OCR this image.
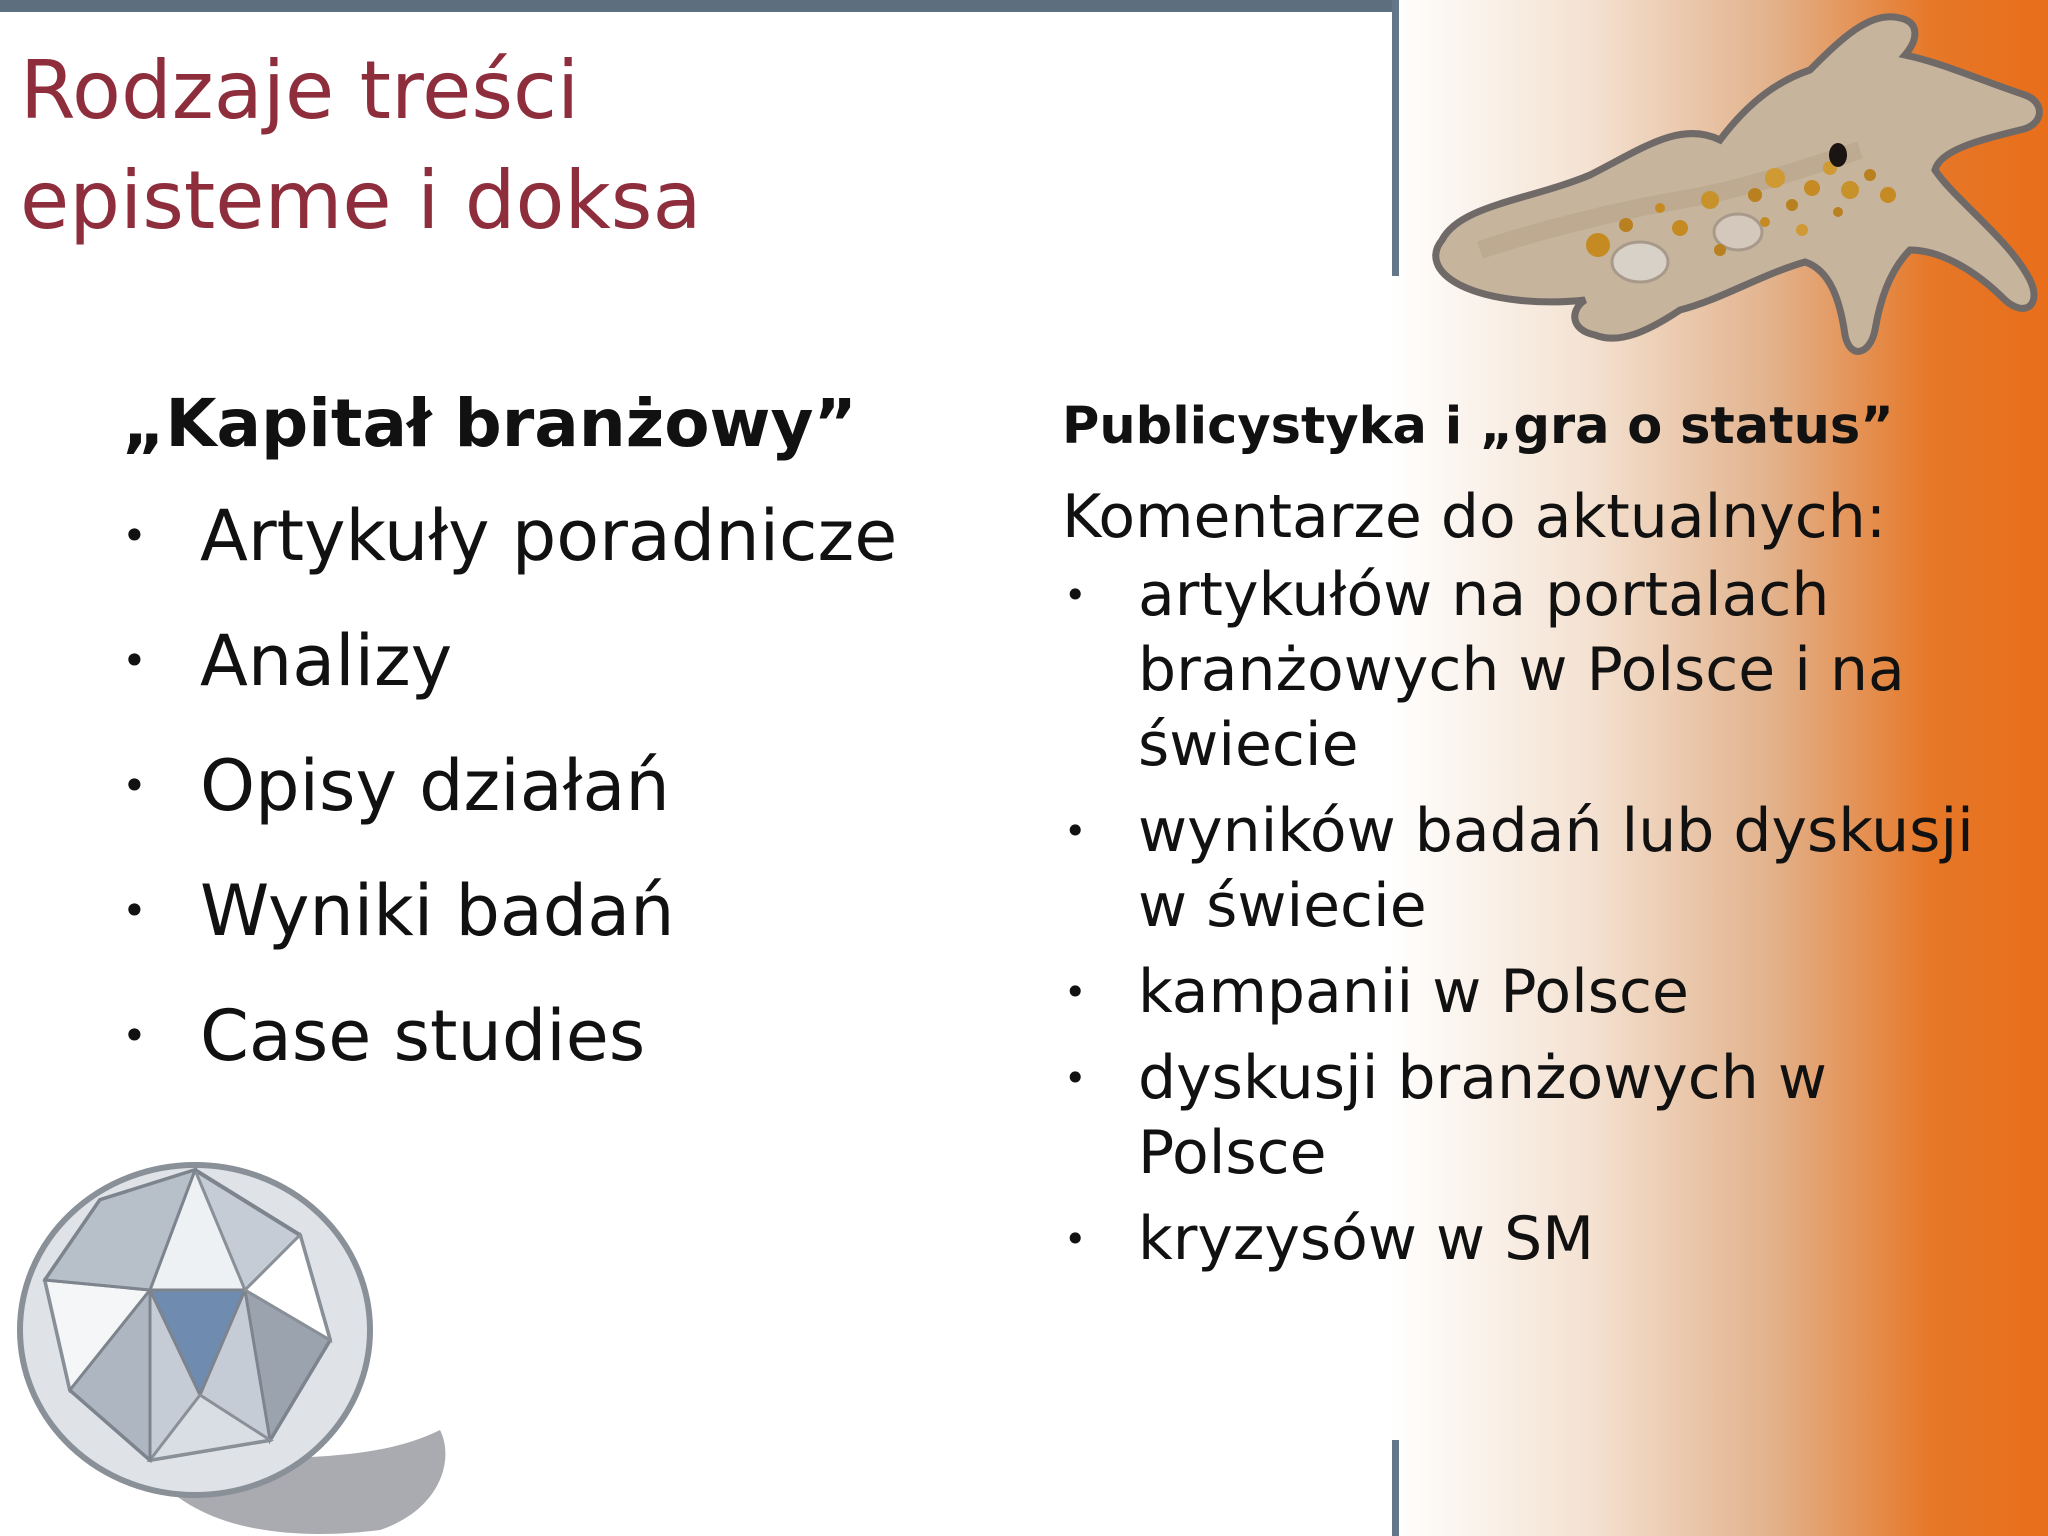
Rodzaje treści
episteme i doksa
„Kapitał branżowy”
• Artykuły poradnicze
• Analizy
• Opisy działań
• Wyniki badań
• Case studies
Publicystyka i „gra o status”

Komentarze do aktualnych:

• artykułów na portalach branżowych w Polsce i na świecie
• wyników badań lub dyskusji w świecie
• kampanii w Polsce
• dyskusji branżowych w Polsce
• kryzysów w SM
